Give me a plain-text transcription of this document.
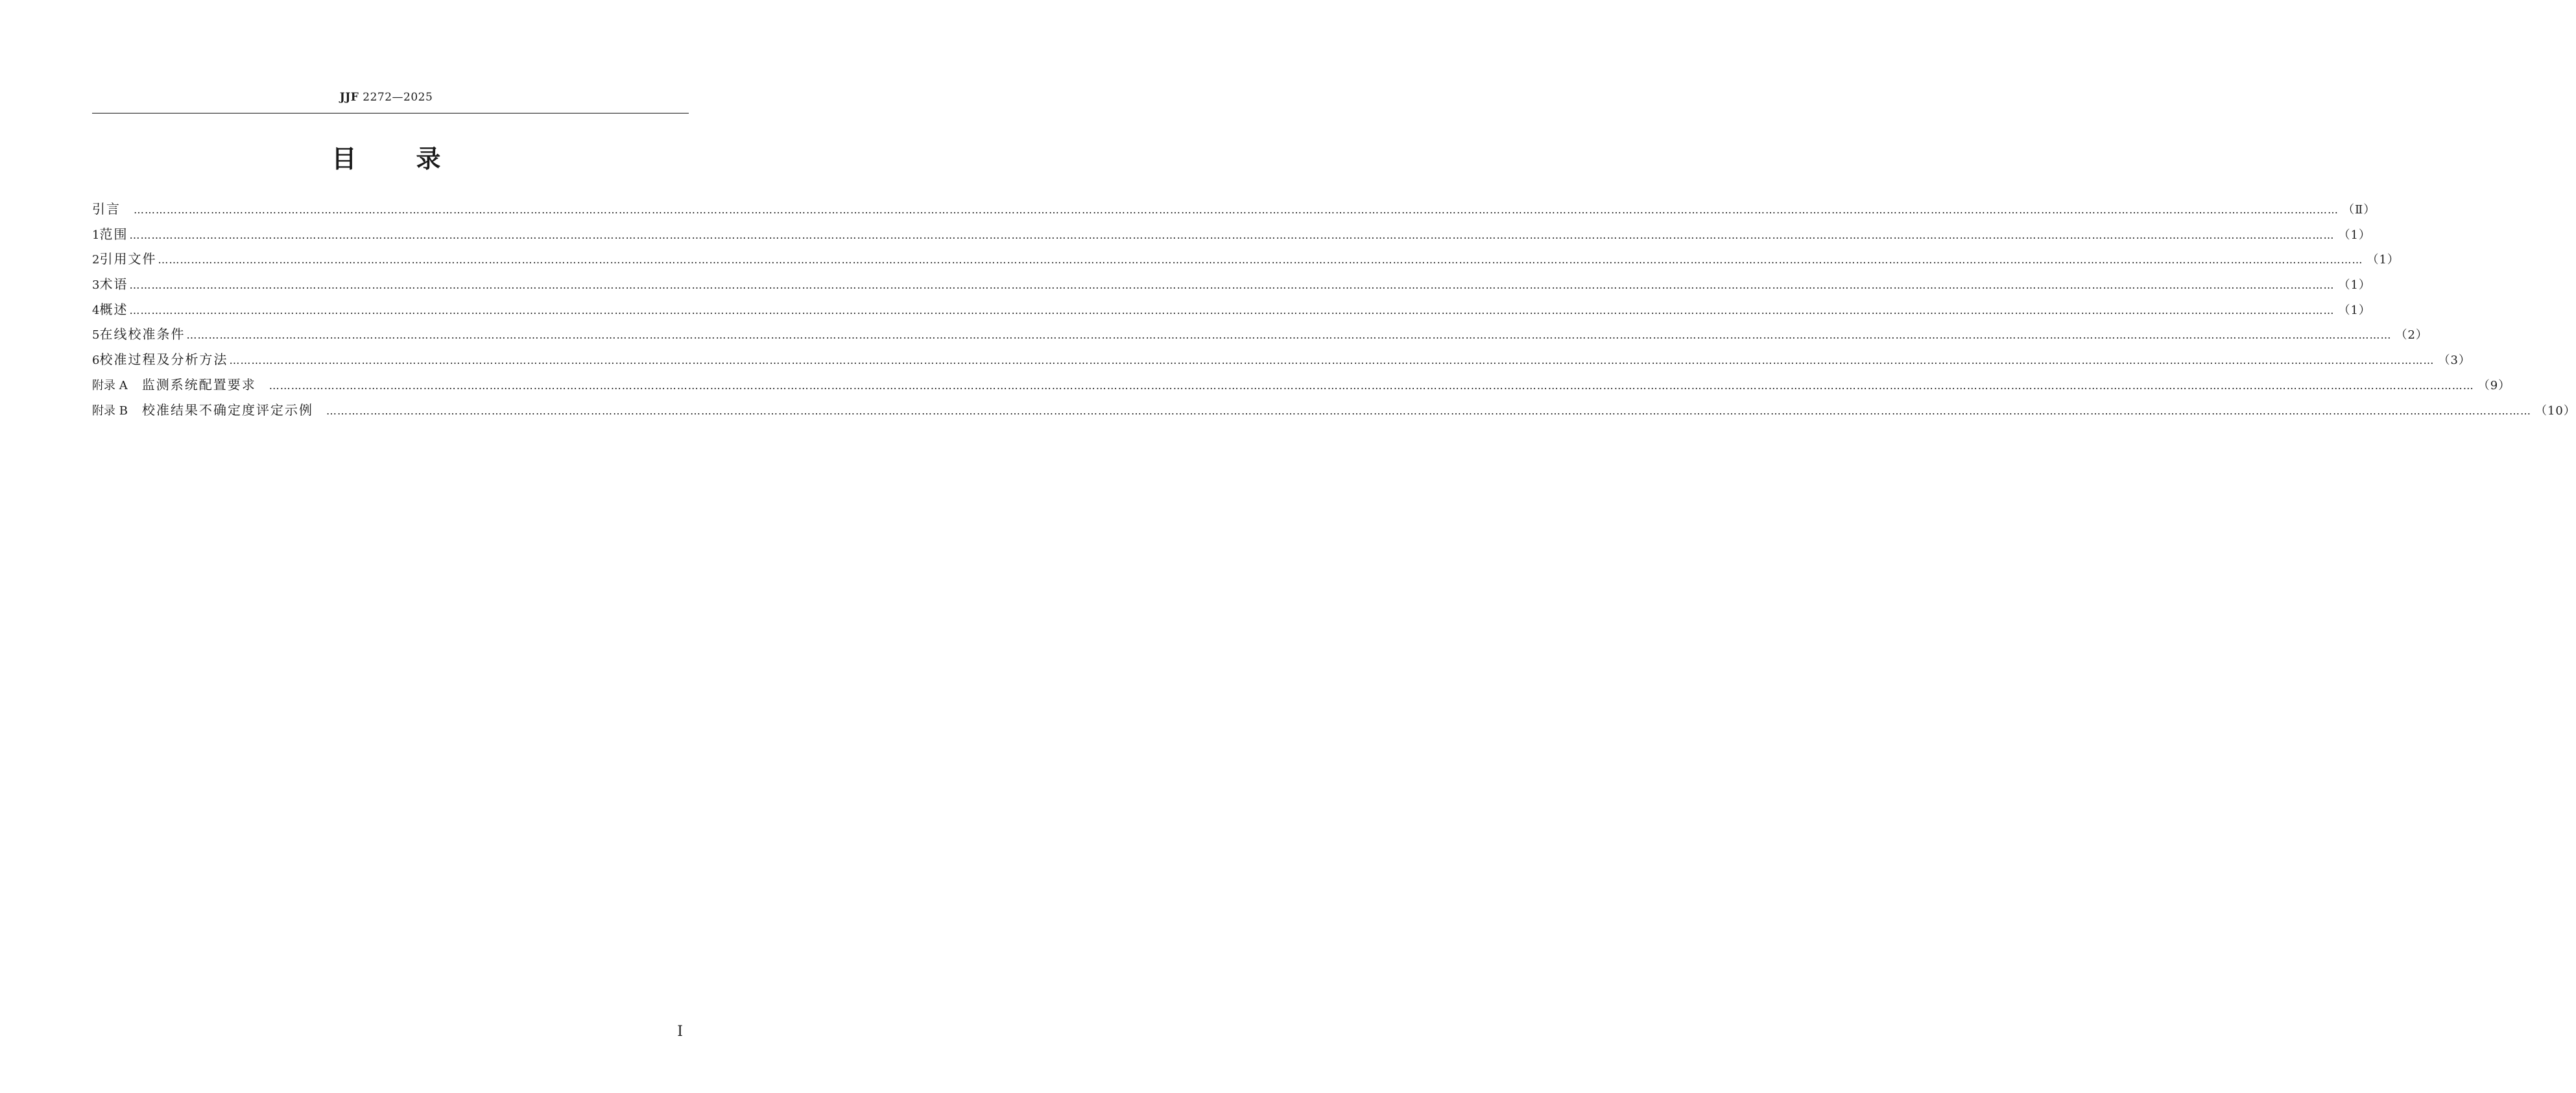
JJF 2272—2025
目 录
引言 …………………………………………………………………………………………………………………………………………………………………………………………………………………………………………………………………………………………………………………………………………………………………………………………………………………………………………………………………………………………………………………………………………………… （Ⅱ）
1 范围 …………………………………………………………………………………………………………………………………………………………………………………………………………………………………………………………………………………………………………………………………………………………………………………………………………………………………………………………………………………………………………………………………………………… （1）
2 引用文件 …………………………………………………………………………………………………………………………………………………………………………………………………………………………………………………………………………………………………………………………………………………………………………………………………………………………………………………………………………………………………………………………………………………… （1）
3 术语 …………………………………………………………………………………………………………………………………………………………………………………………………………………………………………………………………………………………………………………………………………………………………………………………………………………………………………………………………………………………………………………………………………………… （1）
4 概述 …………………………………………………………………………………………………………………………………………………………………………………………………………………………………………………………………………………………………………………………………………………………………………………………………………………………………………………………………………………………………………………………………………………… （1）
5 在线校准条件 …………………………………………………………………………………………………………………………………………………………………………………………………………………………………………………………………………………………………………………………………………………………………………………………………………………………………………………………………………………………………………………………………………………… （2）
6 校准过程及分析方法 …………………………………………………………………………………………………………………………………………………………………………………………………………………………………………………………………………………………………………………………………………………………………………………………………………………………………………………………………………………………………………………………………………………… （3）
附录 A 监测系统配置要求 …………………………………………………………………………………………………………………………………………………………………………………………………………………………………………………………………………………………………………………………………………………………………………………………………………………………………………………………………………………………………………………………………………………… （9）
附录 B 校准结果不确定度评定示例 …………………………………………………………………………………………………………………………………………………………………………………………………………………………………………………………………………………………………………………………………………………………………………………………………………………………………………………………………………………………………………………………………………………… （10）
Ⅰ
